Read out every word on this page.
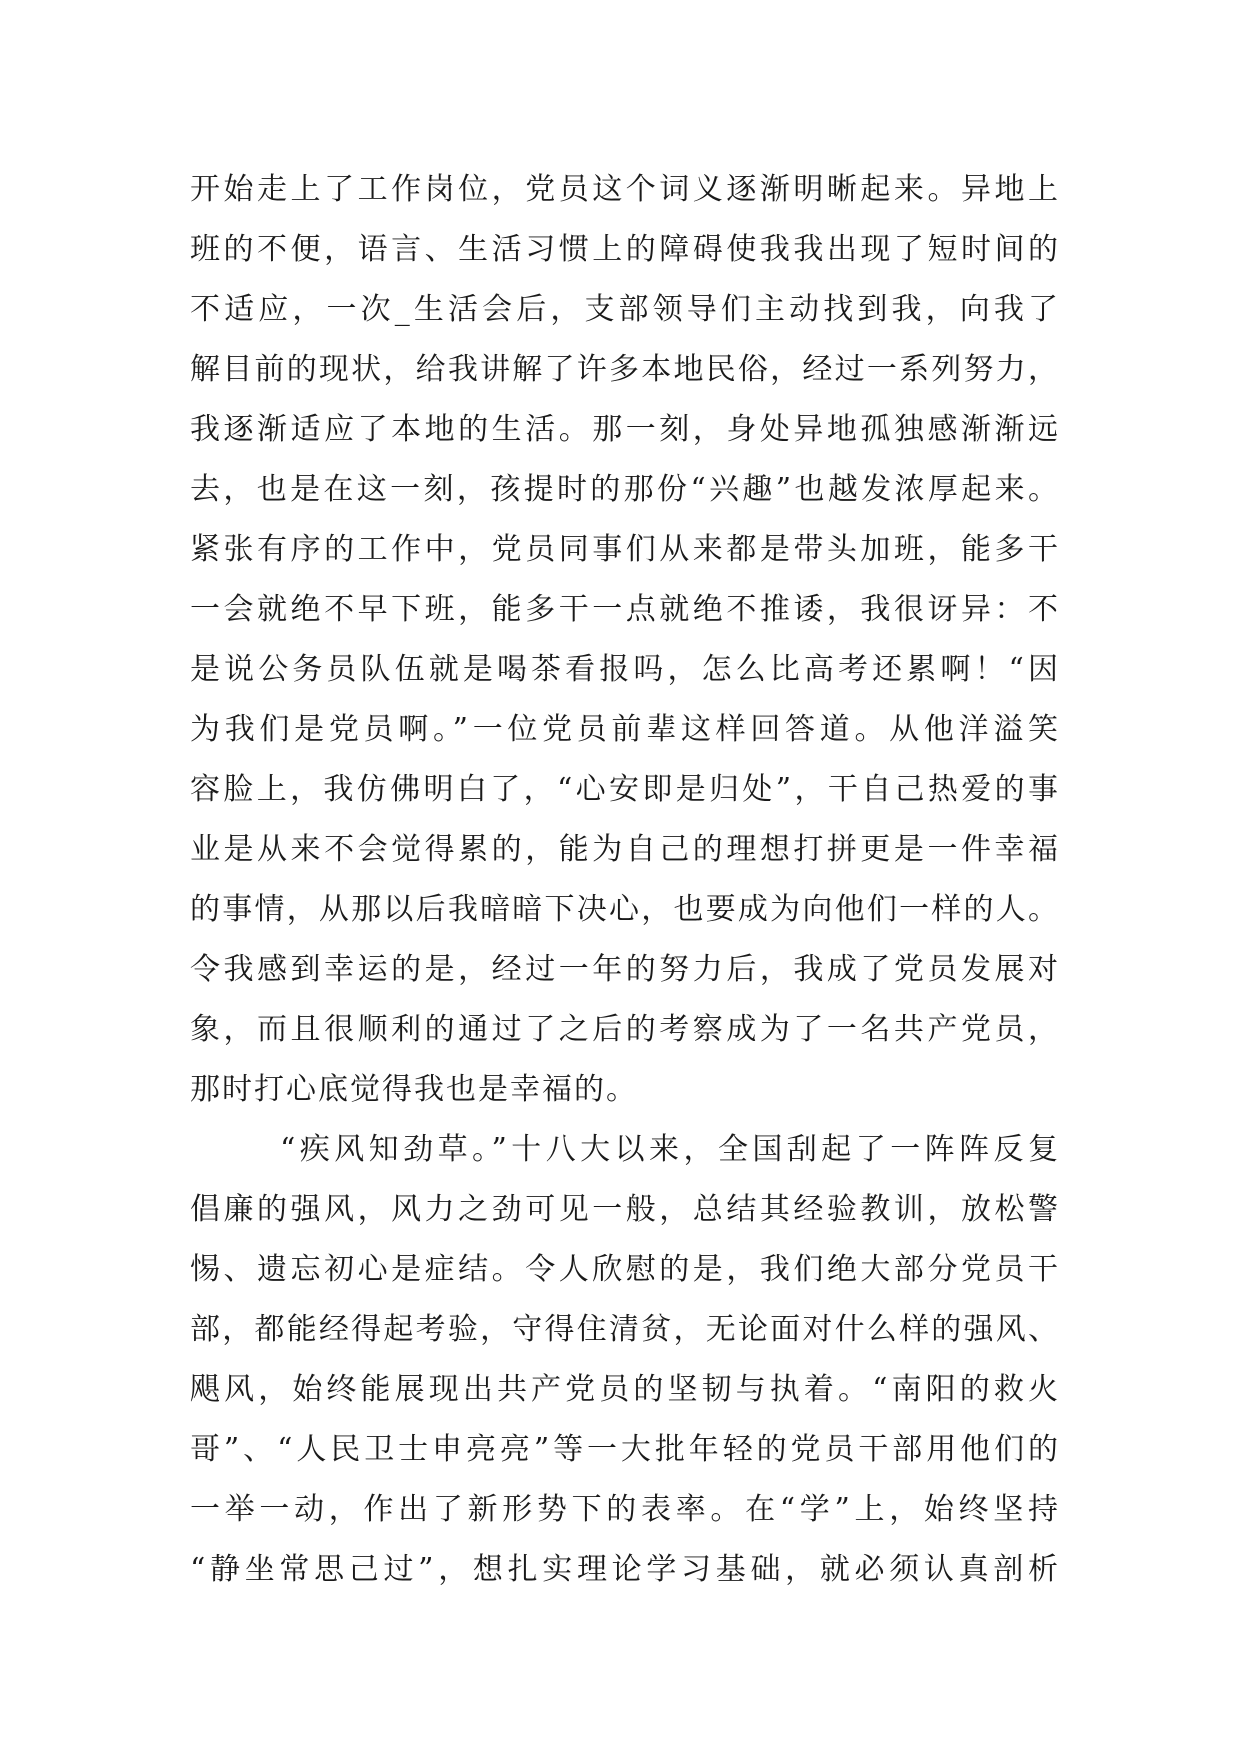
开始走上了工作岗位，党员这个词义逐渐明晰起来。异地上
班的不便，语言、生活习惯上的障碍使我我出现了短时间的
不适应，一次_生活会后，支部领导们主动找到我，向我了
解目前的现状，给我讲解了许多本地民俗，经过一系列努力，
我逐渐适应了本地的生活。那一刻，身处异地孤独感渐渐远
去，也是在这一刻，孩提时的那份“兴趣”也越发浓厚起来。
紧张有序的工作中，党员同事们从来都是带头加班，能多干
一会就绝不早下班，能多干一点就绝不推诿，我很讶异：不
是说公务员队伍就是喝茶看报吗，怎么比高考还累啊！“因
为我们是党员啊。”一位党员前辈这样回答道。从他洋溢笑
容脸上，我仿佛明白了，“心安即是归处”，干自己热爱的事
业是从来不会觉得累的，能为自己的理想打拼更是一件幸福
的事情，从那以后我暗暗下决心，也要成为向他们一样的人。
令我感到幸运的是，经过一年的努力后，我成了党员发展对
象，而且很顺利的通过了之后的考察成为了一名共产党员，
那时打心底觉得我也是幸福的。
“疾风知劲草。”十八大以来，全国刮起了一阵阵反复
倡廉的强风，风力之劲可见一般，总结其经验教训，放松警
惕、遗忘初心是症结。令人欣慰的是，我们绝大部分党员干
部，都能经得起考验，守得住清贫，无论面对什么样的强风、
飓风，始终能展现出共产党员的坚韧与执着。“南阳的救火
哥”、“人民卫士申亮亮”等一大批年轻的党员干部用他们的
一举一动，作出了新形势下的表率。在“学”上，始终坚持
“静坐常思己过”，想扎实理论学习基础，就必须认真剖析
